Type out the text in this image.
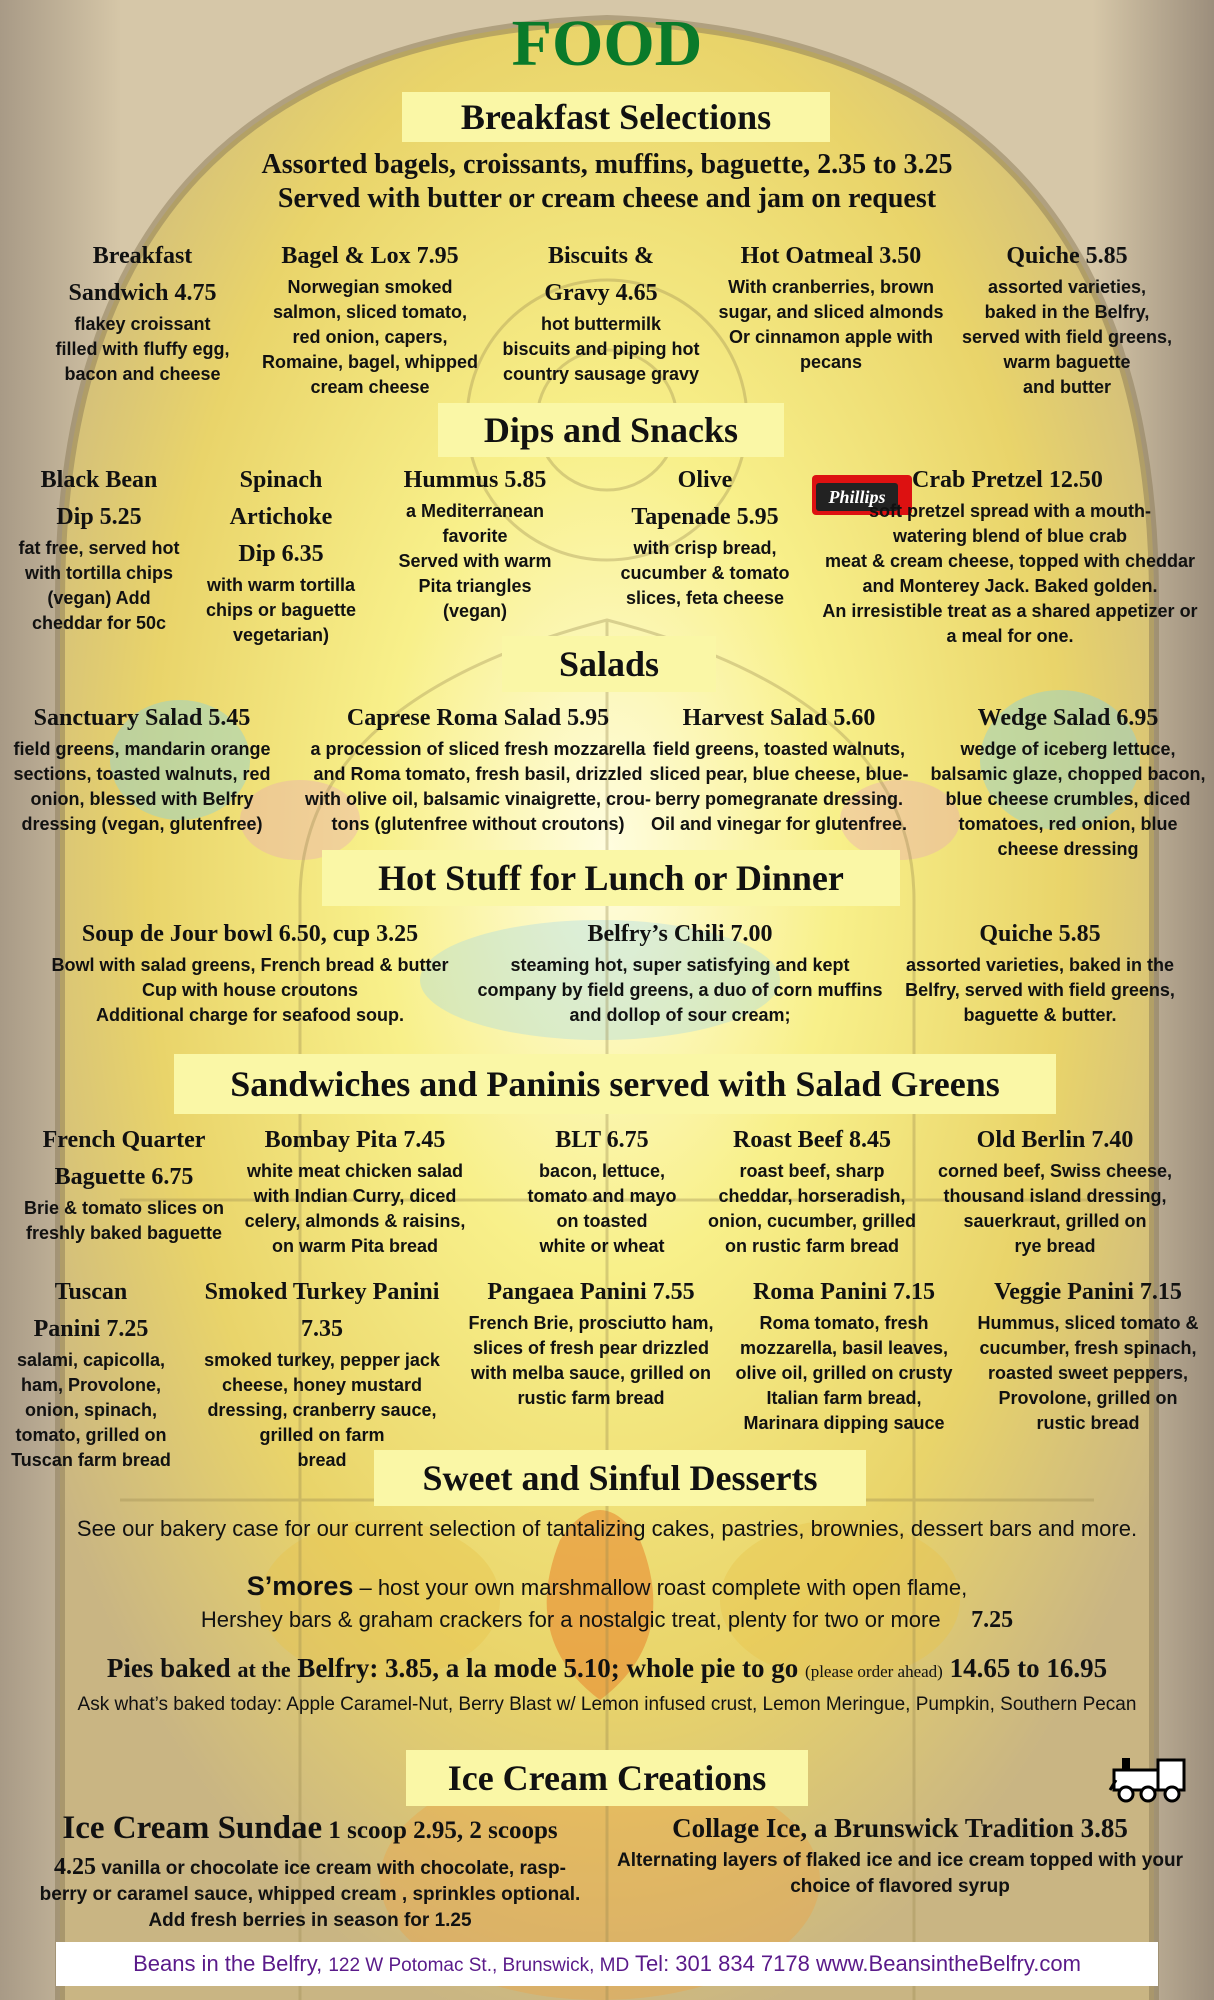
FOOD
Breakfast Selections
Assorted bagels, croissants, muffins, baguette, 2.35 to 3.25
Served with butter or cream cheese and jam on request
Breakfast
Sandwich 4.75
flakey croissant
filled with fluffy egg,
bacon and cheese
Bagel & Lox 7.95
Norwegian smoked
salmon, sliced tomato,
red onion, capers,
Romaine, bagel, whipped
cream cheese
Biscuits &
Gravy 4.65
hot buttermilk
biscuits and piping hot
country sausage gravy
Hot Oatmeal 3.50
With cranberries, brown
sugar, and sliced almonds
Or cinnamon apple with
pecans
Quiche 5.85
assorted varieties,
baked in the Belfry,
served with field greens,
warm baguette
and butter
Dips and Snacks
Phillips
Black Bean
Dip 5.25
fat free, served hot
with tortilla chips
(vegan) Add
cheddar for 50c
Spinach
Artichoke
Dip 6.35
with warm tortilla
chips or baguette
vegetarian)
Hummus 5.85
a Mediterranean
favorite
Served with warm
Pita triangles
(vegan)
Olive
Tapenade 5.95
with crisp bread,
cucumber & tomato
slices, feta cheese
Crab Pretzel 12.50
soft pretzel spread with a mouth-
watering blend of blue crab
meat & cream cheese, topped with cheddar
and Monterey Jack. Baked golden.
An irresistible treat as a shared appetizer or
a meal for one.
Salads
Sanctuary Salad 5.45
field greens, mandarin orange
sections, toasted walnuts, red
onion, blessed with Belfry
dressing (vegan, glutenfree)
Caprese Roma Salad 5.95
a procession of sliced fresh mozzarella
and Roma tomato, fresh basil, drizzled
with olive oil, balsamic vinaigrette, crou-
tons (glutenfree without croutons)
Harvest Salad 5.60
field greens, toasted walnuts,
sliced pear, blue cheese, blue-
berry pomegranate dressing.
Oil and vinegar for glutenfree.
Wedge Salad 6.95
wedge of iceberg lettuce,
balsamic glaze, chopped bacon,
blue cheese crumbles, diced
tomatoes, red onion, blue
cheese dressing
Hot Stuff for Lunch or Dinner
Soup de Jour bowl 6.50, cup 3.25
Bowl with salad greens, French bread & butter
Cup with house croutons
Additional charge for seafood soup.
Belfry’s Chili 7.00
steaming hot, super satisfying and kept
company by field greens, a duo of corn muffins
and dollop of sour cream;
Quiche 5.85
assorted varieties, baked in the
Belfry, served with field greens,
baguette & butter.
Sandwiches and Paninis served with Salad Greens
French Quarter
Baguette 6.75
Brie & tomato slices on
freshly baked baguette
Bombay Pita 7.45
white meat chicken salad
with Indian Curry, diced
celery, almonds & raisins,
on warm Pita bread
BLT 6.75
bacon, lettuce,
tomato and mayo
on toasted
white or wheat
Roast Beef 8.45
roast beef, sharp
cheddar, horseradish,
onion, cucumber, grilled
on rustic farm bread
Old Berlin 7.40
corned beef, Swiss cheese,
thousand island dressing,
sauerkraut, grilled on
rye bread
Tuscan
Panini 7.25
salami, capicolla,
ham, Provolone,
onion, spinach,
tomato, grilled on
Tuscan farm bread
Smoked Turkey Panini
7.35
smoked turkey, pepper jack
cheese, honey mustard
dressing, cranberry sauce,
grilled on farm
bread
Pangaea Panini 7.55
French Brie, prosciutto ham,
slices of fresh pear drizzled
with melba sauce, grilled on
rustic farm bread
Roma Panini 7.15
Roma tomato, fresh
mozzarella, basil leaves,
olive oil, grilled on crusty
Italian farm bread,
Marinara dipping sauce
Veggie Panini 7.15
Hummus, sliced tomato &
cucumber, fresh spinach,
roasted sweet peppers,
Provolone, grilled on
rustic bread
Sweet and Sinful Desserts
See our bakery case for our current selection of tantalizing cakes, pastries, brownies, dessert bars and more.
S’mores – host your own marshmallow roast complete with open flame,
Hershey bars & graham crackers for a nostalgic treat, plenty for two or more 7.25
Pies baked at the Belfry: 3.85, a la mode 5.10; whole pie to go (please order ahead) 14.65 to 16.95
Ask what’s baked today: Apple Caramel-Nut, Berry Blast w/ Lemon infused crust, Lemon Meringue, Pumpkin, Southern Pecan
Ice Cream Creations
Ice Cream Sundae 1 scoop 2.95, 2 scoops
4.25 vanilla or chocolate ice cream with chocolate, rasp-
berry or caramel sauce, whipped cream , sprinkles optional.
Add fresh berries in season for 1.25
Collage Ice, a Brunswick Tradition 3.85
Alternating layers of flaked ice and ice cream topped with your
choice of flavored syrup
Beans in the Belfry, 122 W Potomac St., Brunswick, MD Tel: 301 834 7178 www.BeansintheBelfry.com
